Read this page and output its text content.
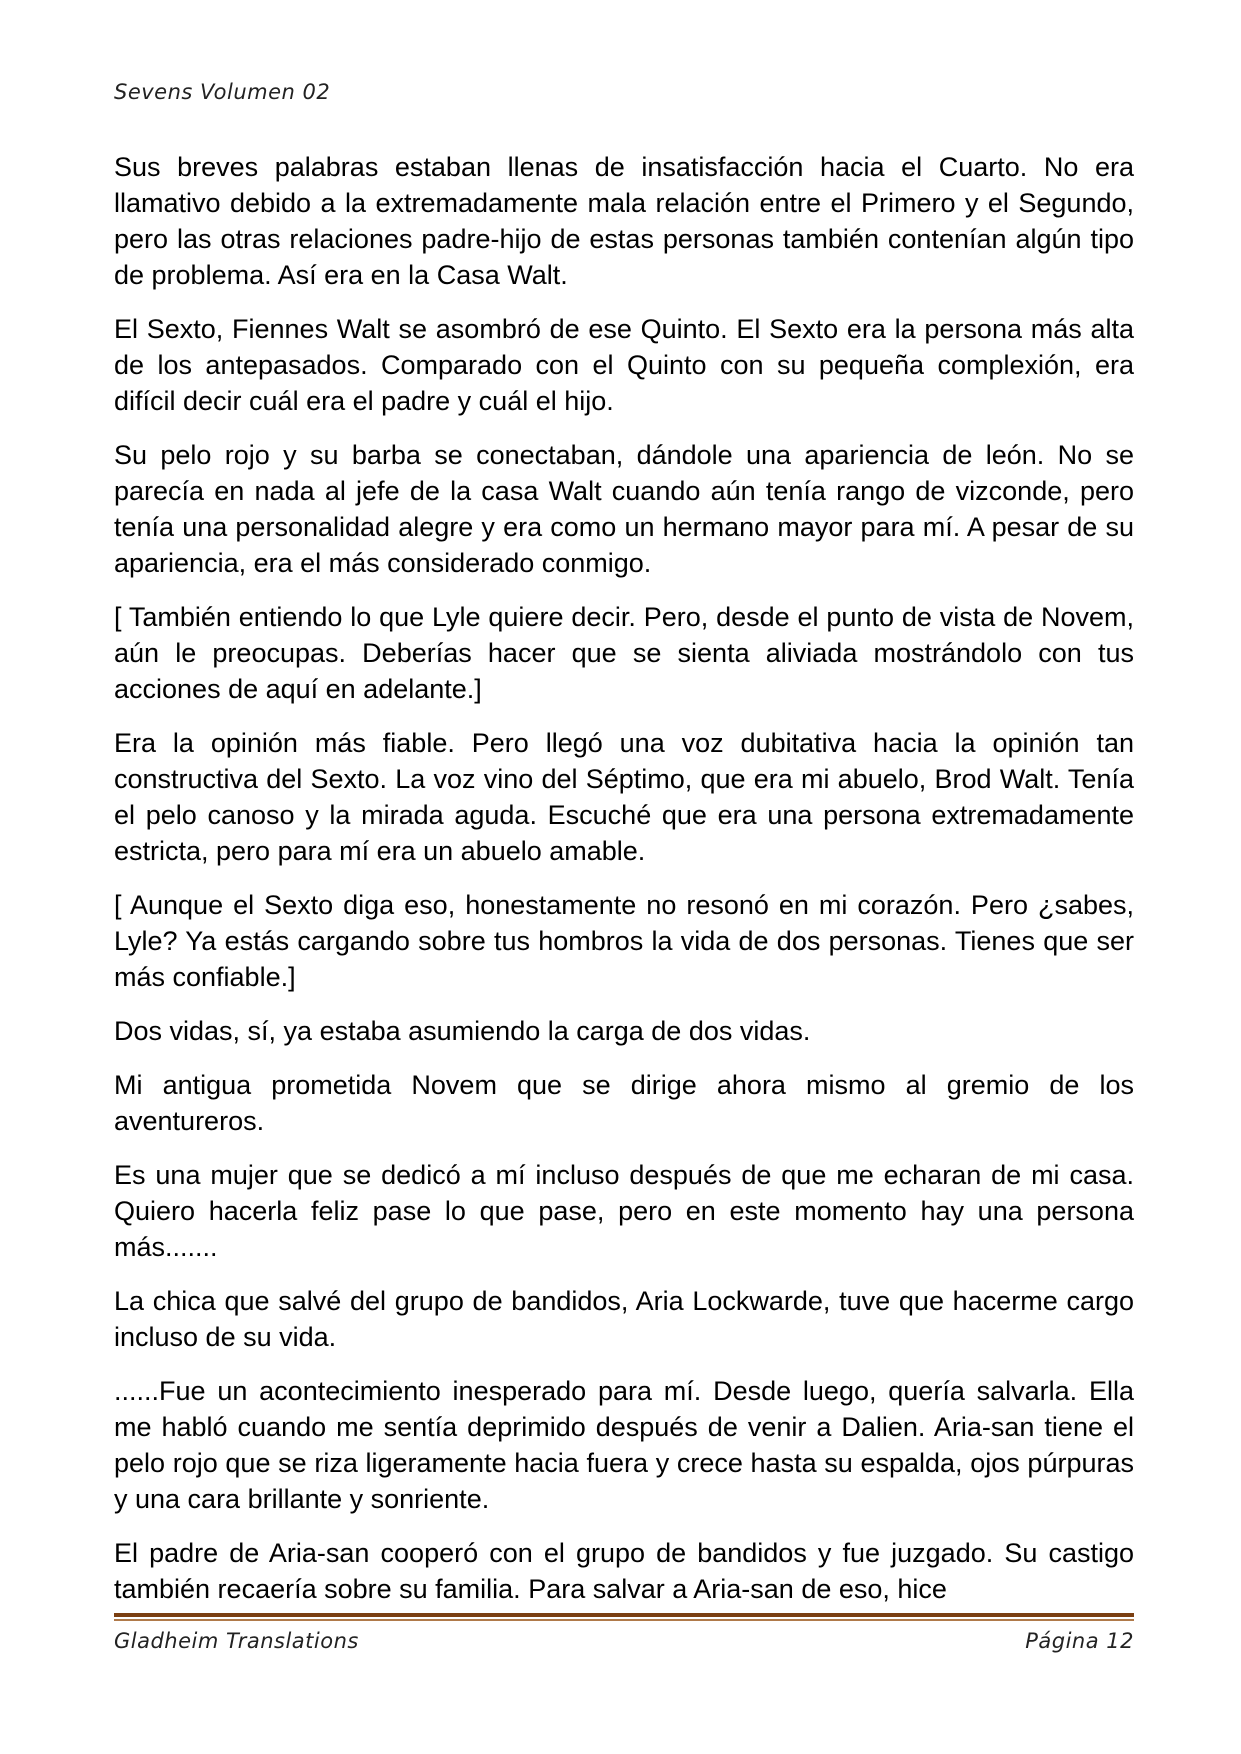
Sevens Volumen 02

Sus breves palabras estaban llenas de insatisfacción hacia el Cuarto. No era llamativo debido a la extremadamente mala relación entre el Primero y el Segundo, pero las otras relaciones padre-hijo de estas personas también contenían algún tipo de problema. Así era en la Casa Walt.

El Sexto, Fiennes Walt se asombró de ese Quinto. El Sexto era la persona más alta de los antepasados. Comparado con el Quinto con su pequeña complexión, era difícil decir cuál era el padre y cuál el hijo.

Su pelo rojo y su barba se conectaban, dándole una apariencia de león. No se parecía en nada al jefe de la casa Walt cuando aún tenía rango de vizconde, pero tenía una personalidad alegre y era como un hermano mayor para mí. A pesar de su apariencia, era el más considerado conmigo.

[ También entiendo lo que Lyle quiere decir. Pero, desde el punto de vista de Novem, aún le preocupas. Deberías hacer que se sienta aliviada mostrándolo con tus acciones de aquí en adelante.]

Era la opinión más fiable. Pero llegó una voz dubitativa hacia la opinión tan constructiva del Sexto. La voz vino del Séptimo, que era mi abuelo, Brod Walt. Tenía el pelo canoso y la mirada aguda. Escuché que era una persona extremadamente estricta, pero para mí era un abuelo amable.

[ Aunque el Sexto diga eso, honestamente no resonó en mi corazón. Pero ¿sabes, Lyle? Ya estás cargando sobre tus hombros la vida de dos personas. Tienes que ser más confiable.]

Dos vidas, sí, ya estaba asumiendo la carga de dos vidas.

Mi antigua prometida Novem que se dirige ahora mismo al gremio de los aventureros.

Es una mujer que se dedicó a mí incluso después de que me echaran de mi casa. Quiero hacerla feliz pase lo que pase, pero en este momento hay una persona más.......

La chica que salvé del grupo de bandidos, Aria Lockwarde, tuve que hacerme cargo incluso de su vida.

......Fue un acontecimiento inesperado para mí. Desde luego, quería salvarla. Ella me habló cuando me sentía deprimido después de venir a Dalien. Aria-san tiene el pelo rojo que se riza ligeramente hacia fuera y crece hasta su espalda, ojos púrpuras y una cara brillante y sonriente.

El padre de Aria-san cooperó con el grupo de bandidos y fue juzgado. Su castigo también recaería sobre su familia. Para salvar a Aria-san de eso, hice

Gladheim Translations	Página 12
